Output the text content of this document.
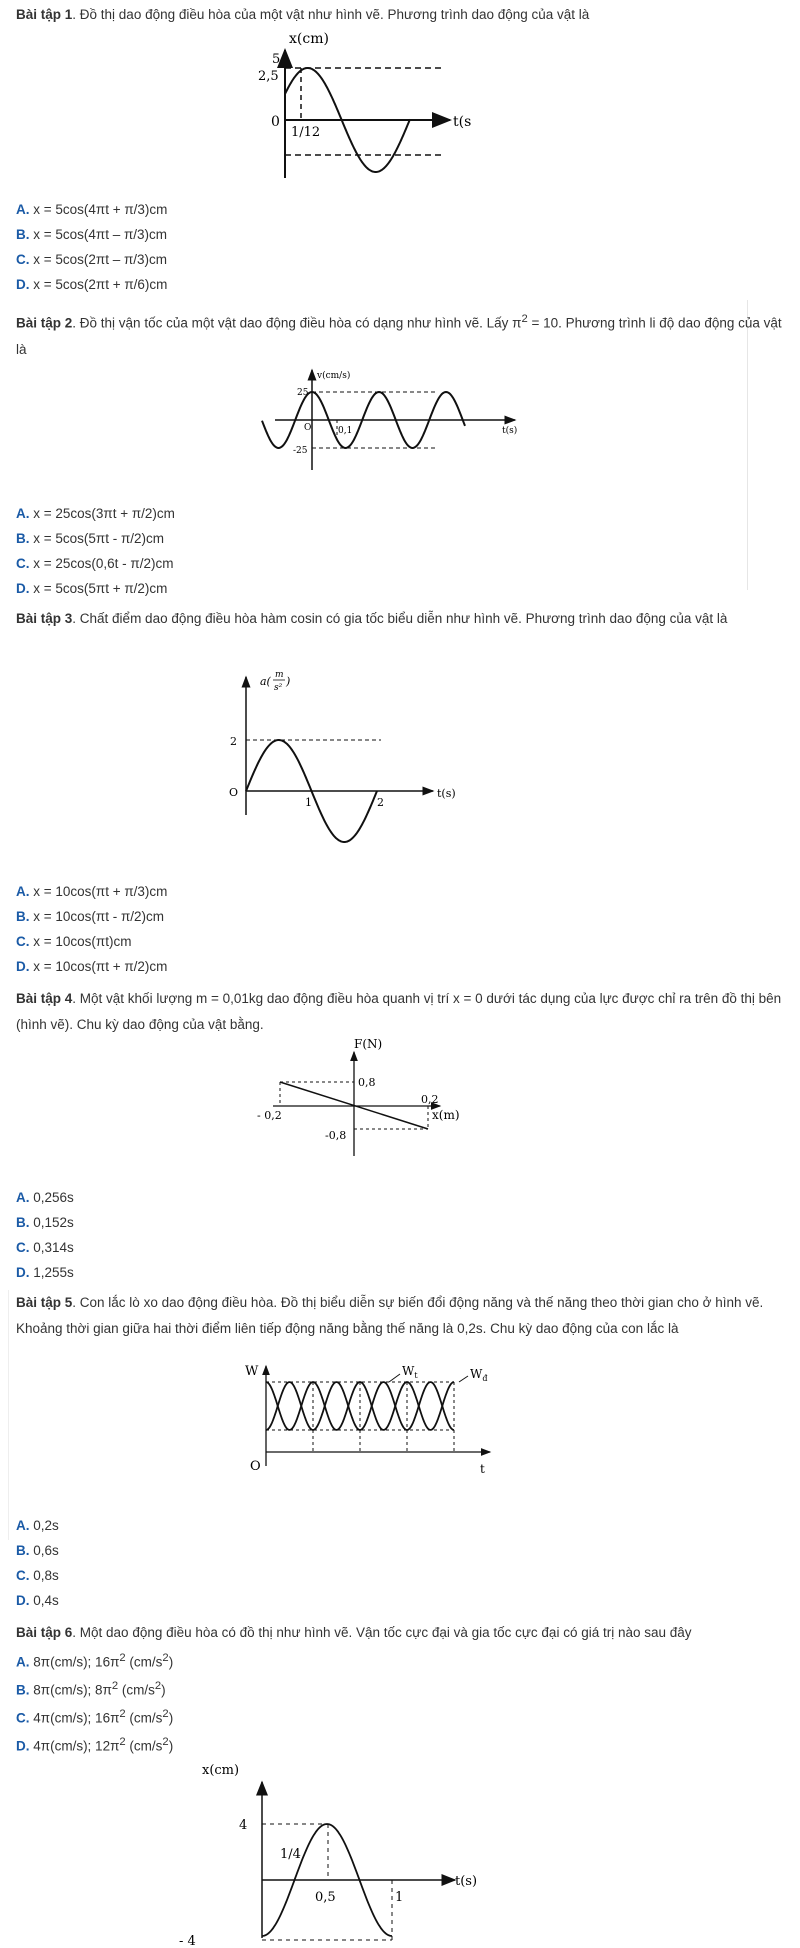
Bài tập 1. Đồ thị dao động điều hòa của một vật như hình vẽ. Phương trình dao động của vật là
x(cm)
t(s
5
2,5
0
1/12
A. x = 5cos(4πt + π/3)cm
B. x = 5cos(4πt – π/3)cm
C. x = 5cos(2πt – π/3)cm
D. x = 5cos(2πt + π/6)cm
Bài tập 2. Đồ thị vận tốc của một vật dao động điều hòa có dạng như hình vẽ. Lấy $\pi^2 = 10$. Phương trình li độ dao động của vật là
v(cm/s)
t(s)
25
-25
O	0,1
A. x = 25cos(3πt + π/2)cm
B. x = 5cos(5πt - π/2)cm
C. x = 25cos(0,6t - π/2)cm
D. x = 5cos(5πt + π/2)cm
Bài tập 3. Chất điểm dao động điều hòa hàm cosin có gia tốc biểu diễn như hình vẽ. Phương trình dao động của vật là
a( m
s² )
t(s)
2
O
1	2
A. x = 10cos(πt + π/3)cm
B. x = 10cos(πt - π/2)cm
C. x = 10cos(πt)cm
D. x = 10cos(πt + π/2)cm
Bài tập 4. Một vật khối lượng m = 0,01kg dao động điều hòa quanh vị trí x = 0 dưới tác dụng của lực được chỉ ra trên đồ thị bên (hình vẽ). Chu kỳ dao động của vật bằng.
F(N)
x(m)
0,8
-0,8
0,2
- 0,2
A. 0,256s
B. 0,152s
C. 0,314s
D. 1,255s
Bài tập 5. Con lắc lò xo dao động điều hòa. Đồ thị biểu diễn sự biến đổi động năng và thế năng theo thời gian cho ở hình vẽ. Khoảng thời gian giữa hai thời điểm liên tiếp động năng bằng thế năng là 0,2s. Chu kỳ dao động của con lắc là
W
t
O
$W_t$	$W_đ$
A. 0,2s
B. 0,6s
C. 0,8s
D. 0,4s
Bài tập 6. Một dao động điều hòa có đồ thị như hình vẽ. Vận tốc cực đại và gia tốc cực đại có giá trị nào sau đây
A. 8π(cm/s); $16\pi^2$ $(cm/s^2)$
B. 8π(cm/s); $8\pi^2$ $(cm/s^2)$
C. 4π(cm/s); $16\pi^2$ $(cm/s^2)$
D. 4π(cm/s); $12\pi^2$ $(cm/s^2)$
x(cm)
t(s)
4
- 4
1/4
0,5	1
